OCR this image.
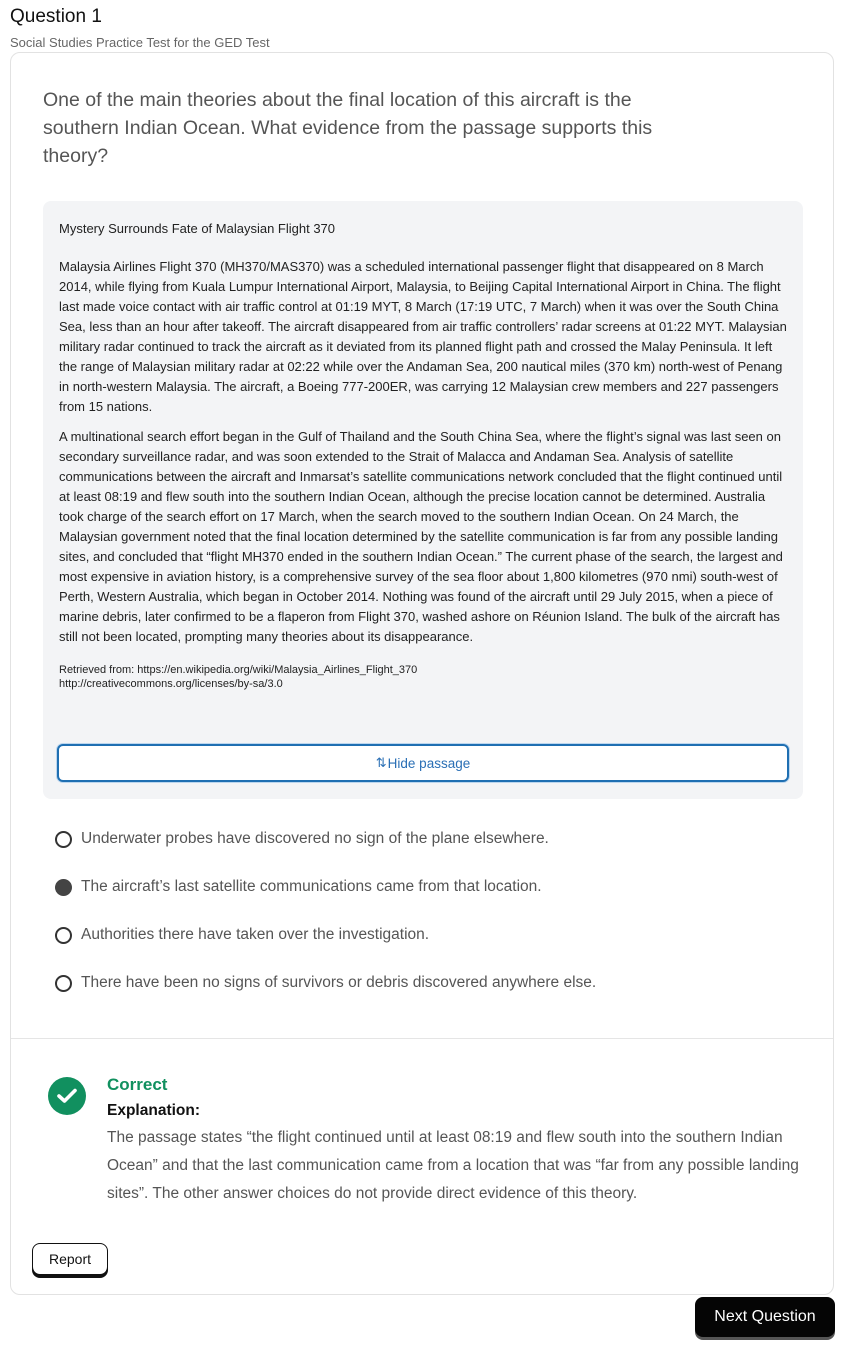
Question 1
Social Studies Practice Test for the GED Test
One of the main theories about the final location of this aircraft is the southern Indian Ocean. What evidence from the passage supports this theory?

Mystery Surrounds Fate of Malaysian Flight 370

Malaysia Airlines Flight 370 (MH370/MAS370) was a scheduled international passenger flight that disappeared on 8 March 2014, while flying from Kuala Lumpur International Airport, Malaysia, to Beijing Capital International Airport in China. The flight last made voice contact with air traffic control at 01:19 MYT, 8 March (17:19 UTC, 7 March) when it was over the South China Sea, less than an hour after takeoff. The aircraft disappeared from air traffic controllers’ radar screens at 01:22 MYT. Malaysian military radar continued to track the aircraft as it deviated from its planned flight path and crossed the Malay Peninsula. It left the range of Malaysian military radar at 02:22 while over the Andaman Sea, 200 nautical miles (370 km) north-west of Penang in north-western Malaysia. The aircraft, a Boeing 777-200ER, was carrying 12 Malaysian crew members and 227 passengers from 15 nations.

A multinational search effort began in the Gulf of Thailand and the South China Sea, where the flight’s signal was last seen on secondary surveillance radar, and was soon extended to the Strait of Malacca and Andaman Sea. Analysis of satellite communications between the aircraft and Inmarsat’s satellite communications network concluded that the flight continued until at least 08:19 and flew south into the southern Indian Ocean, although the precise location cannot be determined. Australia took charge of the search effort on 17 March, when the search moved to the southern Indian Ocean. On 24 March, the Malaysian government noted that the final location determined by the satellite communication is far from any possible landing sites, and concluded that “flight MH370 ended in the southern Indian Ocean.” The current phase of the search, the largest and most expensive in aviation history, is a comprehensive survey of the sea floor about 1,800 kilometres (970 nmi) south-west of Perth, Western Australia, which began in October 2014. Nothing was found of the aircraft until 29 July 2015, when a piece of marine debris, later confirmed to be a flaperon from Flight 370, washed ashore on Réunion Island. The bulk of the aircraft has still not been located, prompting many theories about its disappearance.

Retrieved from: https://en.wikipedia.org/wiki/Malaysia_Airlines_Flight_370
http://creativecommons.org/licenses/by-sa/3.0
⇅ Hide passage
Underwater probes have discovered no sign of the plane elsewhere.
The aircraft’s last satellite communications came from that location.
Authorities there have taken over the investigation.
There have been no signs of survivors or debris discovered anywhere else.
Correct
Explanation:
The passage states “the flight continued until at least 08:19 and flew south into the southern Indian Ocean” and that the last communication came from a location that was “far from any possible landing sites”. The other answer choices do not provide direct evidence of this theory.
Report
Next Question
